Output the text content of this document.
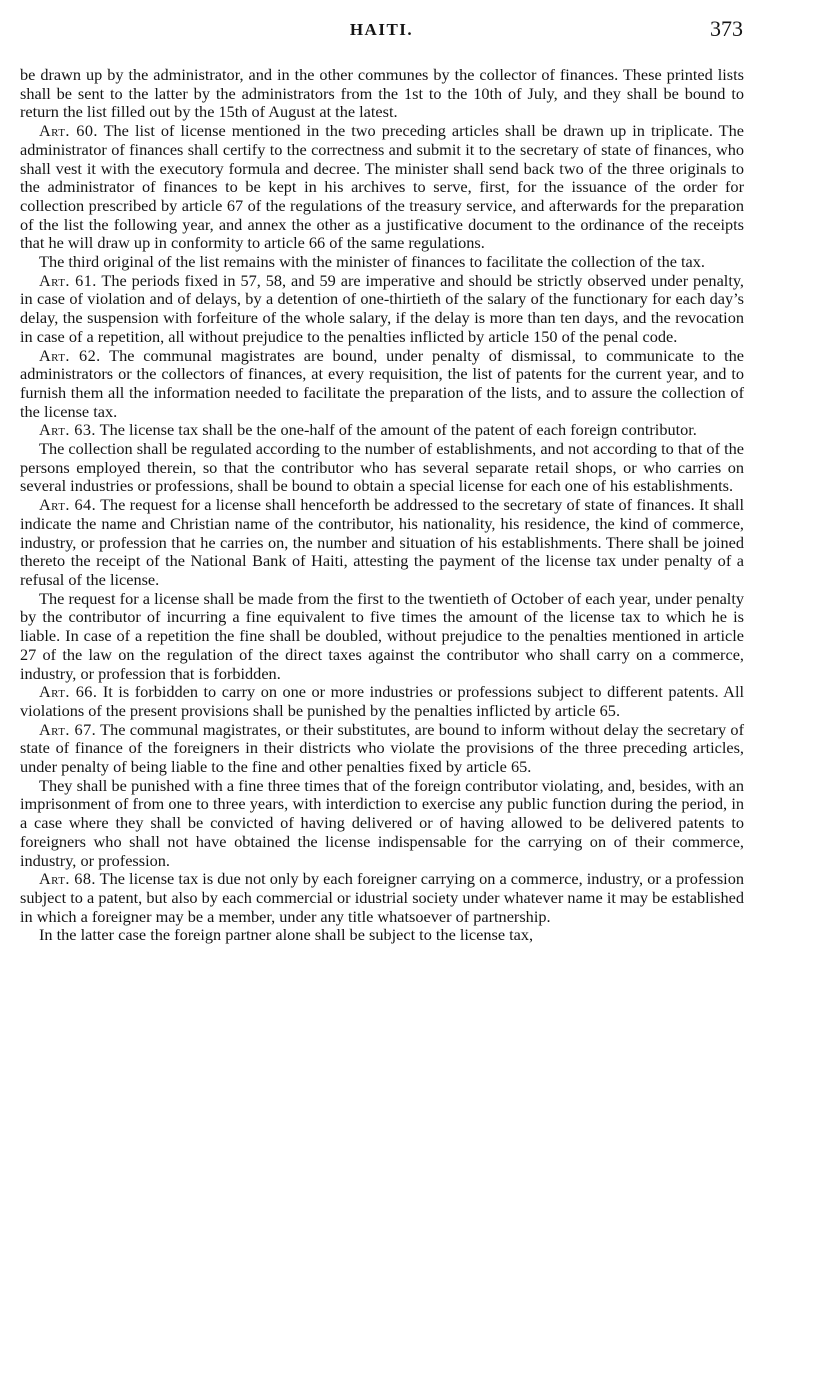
HAITI.	373

be drawn up by the administrator, and in the other communes by the collector of finances. These printed lists shall be sent to the latter by the administrators from the 1st to the 10th of July, and they shall be bound to return the list filled out by the 15th of August at the latest.

Art. 60. The list of license mentioned in the two preceding articles shall be drawn up in triplicate. The administrator of finances shall certify to the correctness and submit it to the secretary of state of finances, who shall vest it with the executory formula and decree. The minister shall send back two of the three originals to the administrator of finances to be kept in his archives to serve, first, for the issuance of the order for collection prescribed by article 67 of the regulations of the treasury service, and afterwards for the preparation of the list the following year, and annex the other as a justificative document to the ordinance of the receipts that he will draw up in conformity to article 66 of the same regulations.

The third original of the list remains with the minister of finances to facilitate the collection of the tax.

Art. 61. The periods fixed in 57, 58, and 59 are imperative and should be strictly observed under penalty, in case of violation and of delays, by a detention of one-thirtieth of the salary of the functionary for each day’s delay, the suspension with forfeiture of the whole salary, if the delay is more than ten days, and the revocation in case of a repetition, all without prejudice to the penalties inflicted by article 150 of the penal code.

Art. 62. The communal magistrates are bound, under penalty of dismissal, to communicate to the administrators or the collectors of finances, at every requisition, the list of patents for the current year, and to furnish them all the information needed to facilitate the preparation of the lists, and to assure the collection of the license tax.

Art. 63. The license tax shall be the one-half of the amount of the patent of each foreign contributor.

The collection shall be regulated according to the number of establishments, and not according to that of the persons employed therein, so that the contributor who has several separate retail shops, or who carries on several industries or professions, shall be bound to obtain a special license for each one of his establishments.

Art. 64. The request for a license shall henceforth be addressed to the secretary of state of finances. It shall indicate the name and Christian name of the contributor, his nationality, his residence, the kind of commerce, industry, or profession that he carries on, the number and situation of his establishments. There shall be joined thereto the receipt of the National Bank of Haiti, attesting the payment of the license tax under penalty of a refusal of the license.

The request for a license shall be made from the first to the twentieth of October of each year, under penalty by the contributor of incurring a fine equivalent to five times the amount of the license tax to which he is liable. In case of a repetition the fine shall be doubled, without prejudice to the penalties mentioned in article 27 of the law on the regulation of the direct taxes against the contributor who shall carry on a commerce, industry, or profession that is forbidden.

Art. 66. It is forbidden to carry on one or more industries or professions subject to different patents. All violations of the present provisions shall be punished by the penalties inflicted by article 65.

Art. 67. The communal magistrates, or their substitutes, are bound to inform without delay the secretary of state of finance of the foreigners in their districts who violate the provisions of the three preceding articles, under penalty of being liable to the fine and other penalties fixed by article 65.

They shall be punished with a fine three times that of the foreign contributor violating, and, besides, with an imprisonment of from one to three years, with interdiction to exercise any public function during the period, in a case where they shall be convicted of having delivered or of having allowed to be delivered patents to foreigners who shall not have obtained the license indispensable for the carrying on of their commerce, industry, or profession.

Art. 68. The license tax is due not only by each foreigner carrying on a commerce, industry, or a profession subject to a patent, but also by each commercial or idustrial society under whatever name it may be established in which a foreigner may be a member, under any title whatsoever of partnership.

In the latter case the foreign partner alone shall be subject to the license tax,
